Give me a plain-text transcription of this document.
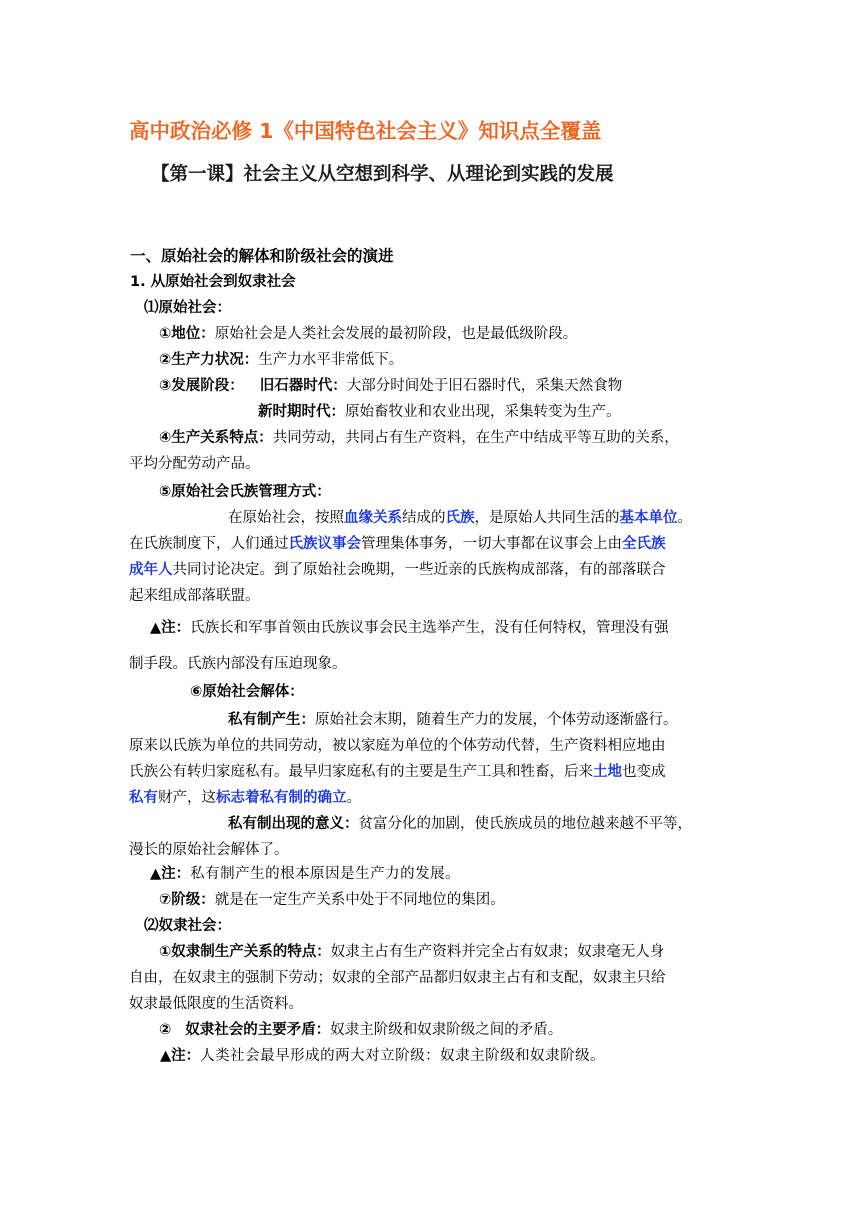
高中政治必修 1《中国特色社会主义》知识点全覆盖
【第一课】社会主义从空想到科学、从理论到实践的发展
一、原始社会的解体和阶级社会的演进
1. 从原始社会到奴隶社会
⑴原始社会：
①地位：原始社会是人类社会发展的最初阶段，也是最低级阶段。
②生产力状况：生产力水平非常低下。
③发展阶段： 旧石器时代：大部分时间处于旧石器时代，采集天然食物
新时期时代：原始畜牧业和农业出现，采集转变为生产。
④生产关系特点：共同劳动，共同占有生产资料，在生产中结成平等互助的关系，
平均分配劳动产品。
⑤原始社会氏族管理方式：
在原始社会，按照血缘关系结成的氏族，是原始人共同生活的基本单位。
在氏族制度下，人们通过氏族议事会管理集体事务，一切大事都在议事会上由全氏族
成年人共同讨论决定。到了原始社会晚期，一些近亲的氏族构成部落，有的部落联合
起来组成部落联盟。
▲注：氏族长和军事首领由氏族议事会民主选举产生，没有任何特权，管理没有强
制手段。氏族内部没有压迫现象。
⑥原始社会解体：
私有制产生：原始社会末期，随着生产力的发展，个体劳动逐渐盛行。
原来以氏族为单位的共同劳动，被以家庭为单位的个体劳动代替，生产资料相应地由
氏族公有转归家庭私有。最早归家庭私有的主要是生产工具和牲畜，后来土地也变成
私有财产，这标志着私有制的确立。
私有制出现的意义：贫富分化的加剧，使氏族成员的地位越来越不平等，
漫长的原始社会解体了。
▲注：私有制产生的根本原因是生产力的发展。
⑦阶级：就是在一定生产关系中处于不同地位的集团。
⑵奴隶社会：
①奴隶制生产关系的特点：奴隶主占有生产资料并完全占有奴隶；奴隶毫无人身
自由，在奴隶主的强制下劳动；奴隶的全部产品都归奴隶主占有和支配，奴隶主只给
奴隶最低限度的生活资料。
② 奴隶社会的主要矛盾：奴隶主阶级和奴隶阶级之间的矛盾。
▲注：人类社会最早形成的两大对立阶级：奴隶主阶级和奴隶阶级。
